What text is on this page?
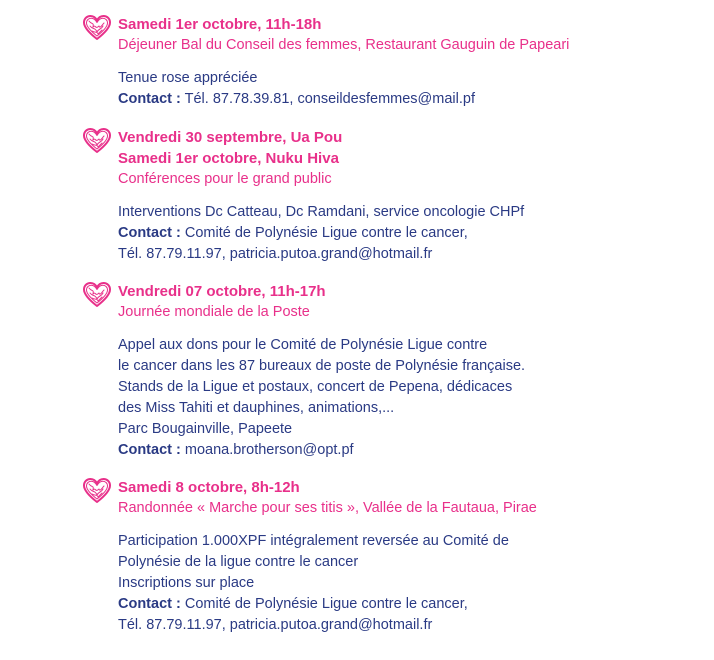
Samedi 1er octobre, 11h-18h
Déjeuner Bal du Conseil des femmes, Restaurant Gauguin de Papeari
Tenue rose appréciée
Contact : Tél. 87.78.39.81, conseildesfemmes@mail.pf
Vendredi 30 septembre, Ua Pou
Samedi 1er octobre, Nuku Hiva
Conférences pour le grand public
Interventions Dc Catteau, Dc Ramdani, service oncologie CHPf
Contact : Comité de Polynésie Ligue contre le cancer,
Tél. 87.79.11.97, patricia.putoa.grand@hotmail.fr
Vendredi 07 octobre, 11h-17h
Journée mondiale de la Poste
Appel aux dons pour le Comité de Polynésie Ligue contre
le cancer dans les 87 bureaux de poste de Polynésie française.
Stands de la Ligue et postaux, concert de Pepena, dédicaces
des Miss Tahiti et dauphines, animations,...
Parc Bougainville, Papeete
Contact : moana.brotherson@opt.pf
Samedi 8 octobre, 8h-12h
Randonnée « Marche pour ses titis », Vallée de la Fautaua, Pirae
Participation 1.000XPF intégralement reversée au Comité de
Polynésie de la ligue contre le cancer
Inscriptions sur place
Contact : Comité de Polynésie Ligue contre le cancer,
Tél. 87.79.11.97, patricia.putoa.grand@hotmail.fr
